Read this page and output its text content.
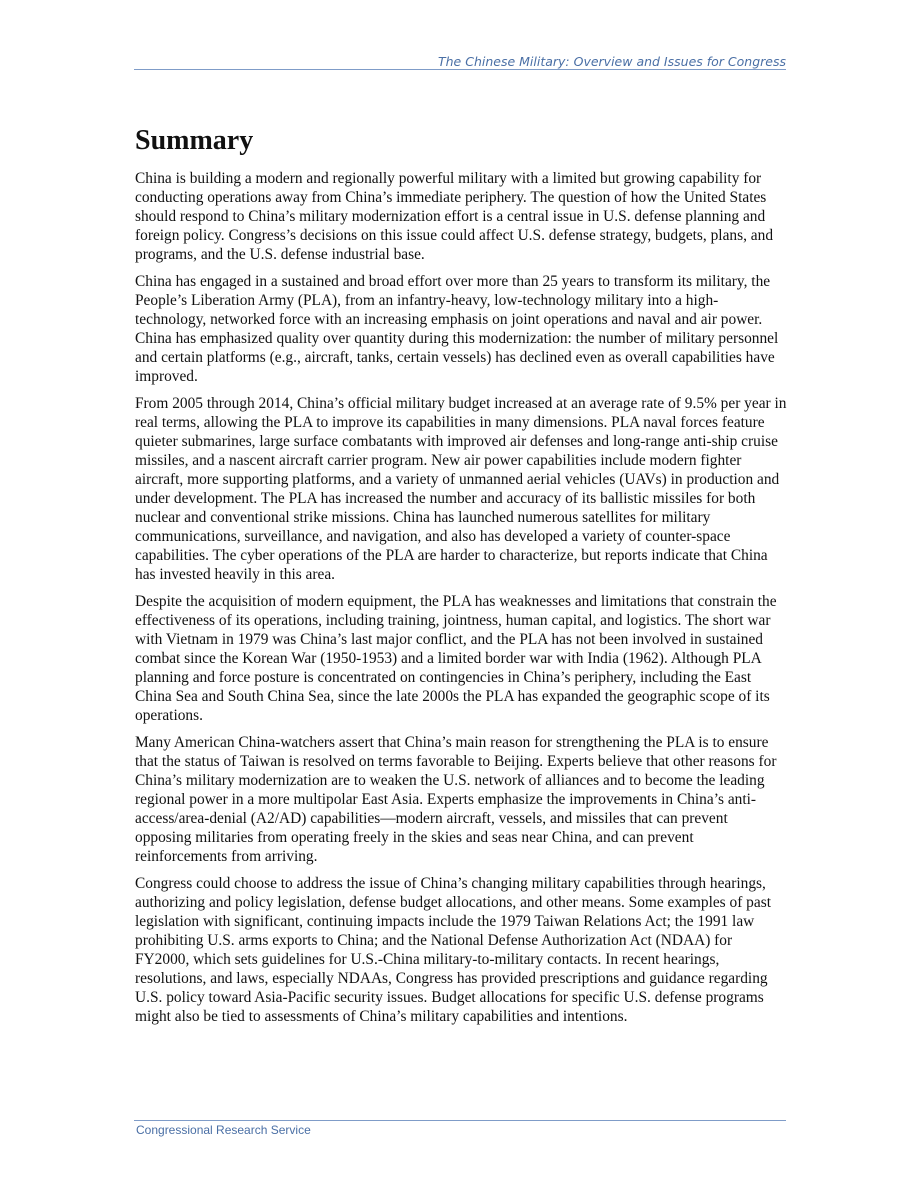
The Chinese Military: Overview and Issues for Congress
Summary

China is building a modern and regionally powerful military with a limited but growing capability for conducting operations away from China’s immediate periphery. The question of how the United States should respond to China’s military modernization effort is a central issue in U.S. defense planning and foreign policy. Congress’s decisions on this issue could affect U.S. defense strategy, budgets, plans, and programs, and the U.S. defense industrial base.

China has engaged in a sustained and broad effort over more than 25 years to transform its military, the People’s Liberation Army (PLA), from an infantry-heavy, low-technology military into a high-technology, networked force with an increasing emphasis on joint operations and naval and air power. China has emphasized quality over quantity during this modernization: the number of military personnel and certain platforms (e.g., aircraft, tanks, certain vessels) has declined even as overall capabilities have improved.

From 2005 through 2014, China’s official military budget increased at an average rate of 9.5% per year in real terms, allowing the PLA to improve its capabilities in many dimensions. PLA naval forces feature quieter submarines, large surface combatants with improved air defenses and long-range anti-ship cruise missiles, and a nascent aircraft carrier program. New air power capabilities include modern fighter aircraft, more supporting platforms, and a variety of unmanned aerial vehicles (UAVs) in production and under development. The PLA has increased the number and accuracy of its ballistic missiles for both nuclear and conventional strike missions. China has launched numerous satellites for military communications, surveillance, and navigation, and also has developed a variety of counter-space capabilities. The cyber operations of the PLA are harder to characterize, but reports indicate that China has invested heavily in this area.

Despite the acquisition of modern equipment, the PLA has weaknesses and limitations that constrain the effectiveness of its operations, including training, jointness, human capital, and logistics. The short war with Vietnam in 1979 was China’s last major conflict, and the PLA has not been involved in sustained combat since the Korean War (1950-1953) and a limited border war with India (1962). Although PLA planning and force posture is concentrated on contingencies in China’s periphery, including the East China Sea and South China Sea, since the late 2000s the PLA has expanded the geographic scope of its operations.

Many American China-watchers assert that China’s main reason for strengthening the PLA is to ensure that the status of Taiwan is resolved on terms favorable to Beijing. Experts believe that other reasons for China’s military modernization are to weaken the U.S. network of alliances and to become the leading regional power in a more multipolar East Asia. Experts emphasize the improvements in China’s anti-access/area-denial (A2/AD) capabilities—modern aircraft, vessels, and missiles that can prevent opposing militaries from operating freely in the skies and seas near China, and can prevent reinforcements from arriving.

Congress could choose to address the issue of China’s changing military capabilities through hearings, authorizing and policy legislation, defense budget allocations, and other means. Some examples of past legislation with significant, continuing impacts include the 1979 Taiwan Relations Act; the 1991 law prohibiting U.S. arms exports to China; and the National Defense Authorization Act (NDAA) for FY2000, which sets guidelines for U.S.-China military-to-military contacts. In recent hearings, resolutions, and laws, especially NDAAs, Congress has provided prescriptions and guidance regarding U.S. policy toward Asia-Pacific security issues. Budget allocations for specific U.S. defense programs might also be tied to assessments of China’s military capabilities and intentions.

Congressional Research Service
